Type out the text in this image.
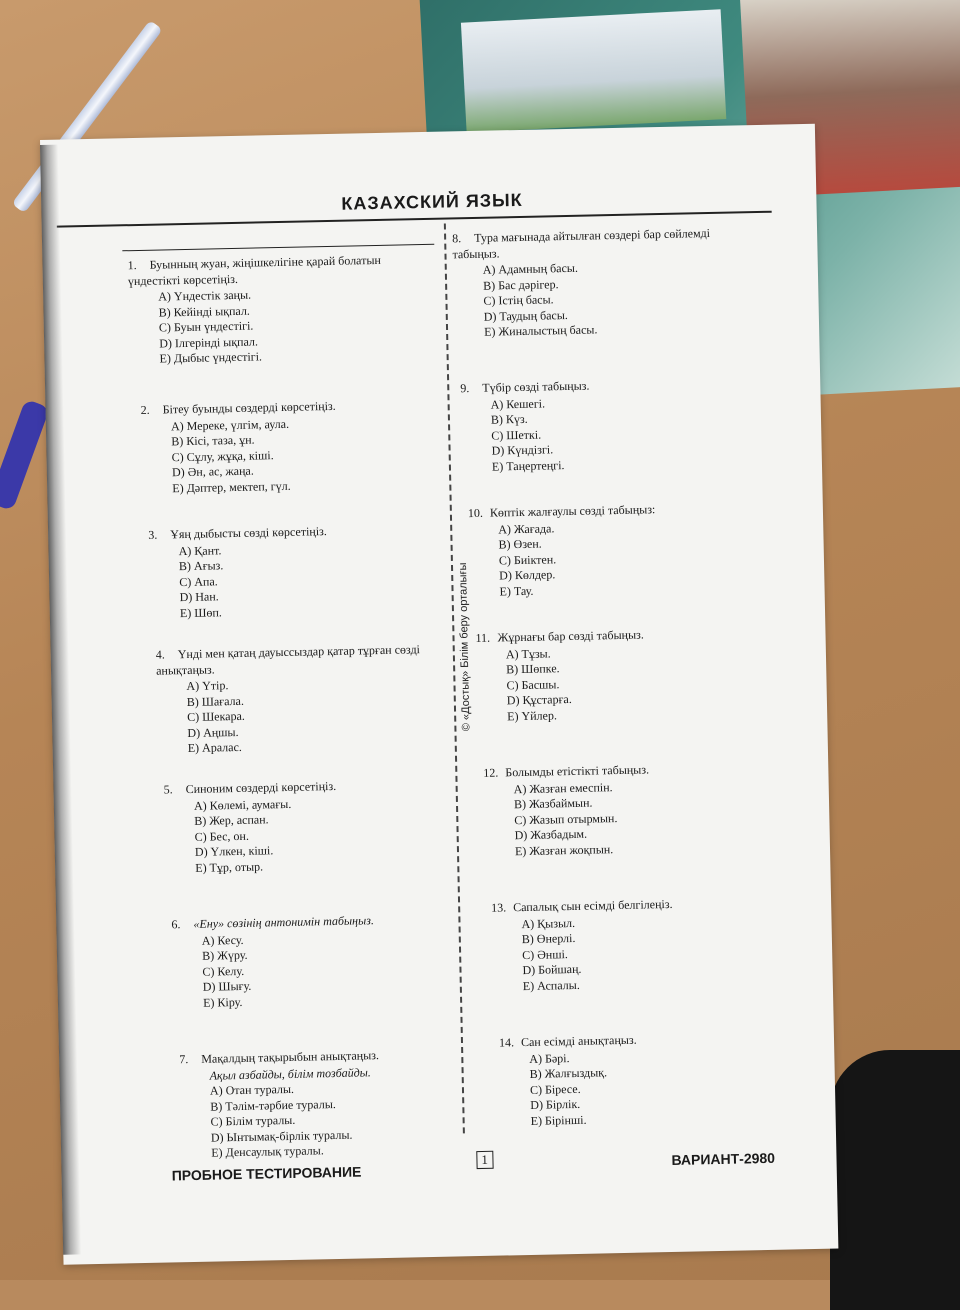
КАЗАХСКИЙ ЯЗЫК
© «Достық» Білім беру орталығы
1. Буынның жуан, жіңішкелігіне қарай болатын үндестікті көрсетіңіз.
A) Үндестік заңы.
B) Кейінді ықпал.
C) Буын үндестігі.
D) Ілгерінді ықпал.
E) Дыбыс үндестігі.
2. Бітеу буынды сөздерді көрсетіңіз.
A) Мереке, үлгім, аула.
B) Кісі, таза, ұн.
C) Сұлу, жұқа, кіші.
D) Ән, ас, жаңа.
E) Дәптер, мектеп, гүл.
3. Ұяң дыбысты сөзді көрсетіңіз.
A) Қант.
B) Ағыз.
C) Апа.
D) Нан.
E) Шөп.
4. Үнді мен қатаң дауыссыздар қатар тұрған сөзді анықтаңыз.
A) Үтір.
B) Шағала.
C) Шекара.
D) Аңшы.
E) Аралас.
5. Синоним сөздерді көрсетіңіз.
A) Көлемі, аумағы.
B) Жер, аспан.
C) Бес, он.
D) Үлкен, кіші.
E) Тұр, отыр.
6. «Ену» сөзінің антонимін табыңыз.
A) Кесу.
B) Жүру.
C) Келу.
D) Шығу.
E) Кіру.
7. Мақалдың тақырыбын анықтаңыз.
Ақыл азбайды, білім тозбайды.
A) Отан туралы.
B) Тәлім-тәрбие туралы.
C) Білім туралы.
D) Ынтымақ-бірлік туралы.
E) Денсаулық туралы.
8. Тура мағынада айтылған сөздері бар сөйлемді табыңыз.
A) Адамның басы.
B) Бас дәрігер.
C) Істің басы.
D) Таудың басы.
E) Жиналыстың басы.
9. Түбір сөзді табыңыз.
A) Кешегі.
B) Күз.
C) Шеткі.
D) Күндізгі.
E) Таңертеңгі.
10. Көптік жалғаулы сөзді табыңыз:
A) Жағада.
B) Өзен.
C) Биіктен.
D) Көлдер.
E) Тау.
11. Жұрнағы бар сөзді табыңыз.
A) Тұзы.
B) Шөпке.
C) Басшы.
D) Құстарға.
E) Үйлер.
12. Болымды етістікті табыңыз.
A) Жазған емеспін.
B) Жазбаймын.
C) Жазып отырмын.
D) Жазбадым.
E) Жазған жоқпын.
13. Сапалық сын есімді белгілеңіз.
A) Қызыл.
B) Өнерлі.
C) Әнші.
D) Бойшаң.
E) Аспалы.
14. Сан есімді анықтаңыз.
A) Бәрі.
B) Жалғыздық.
C) Біресе.
D) Бірлік.
E) Біріншi.
ПРОБНОЕ ТЕСТИРОВАНИЕ
1	ВАРИАНТ-2980
